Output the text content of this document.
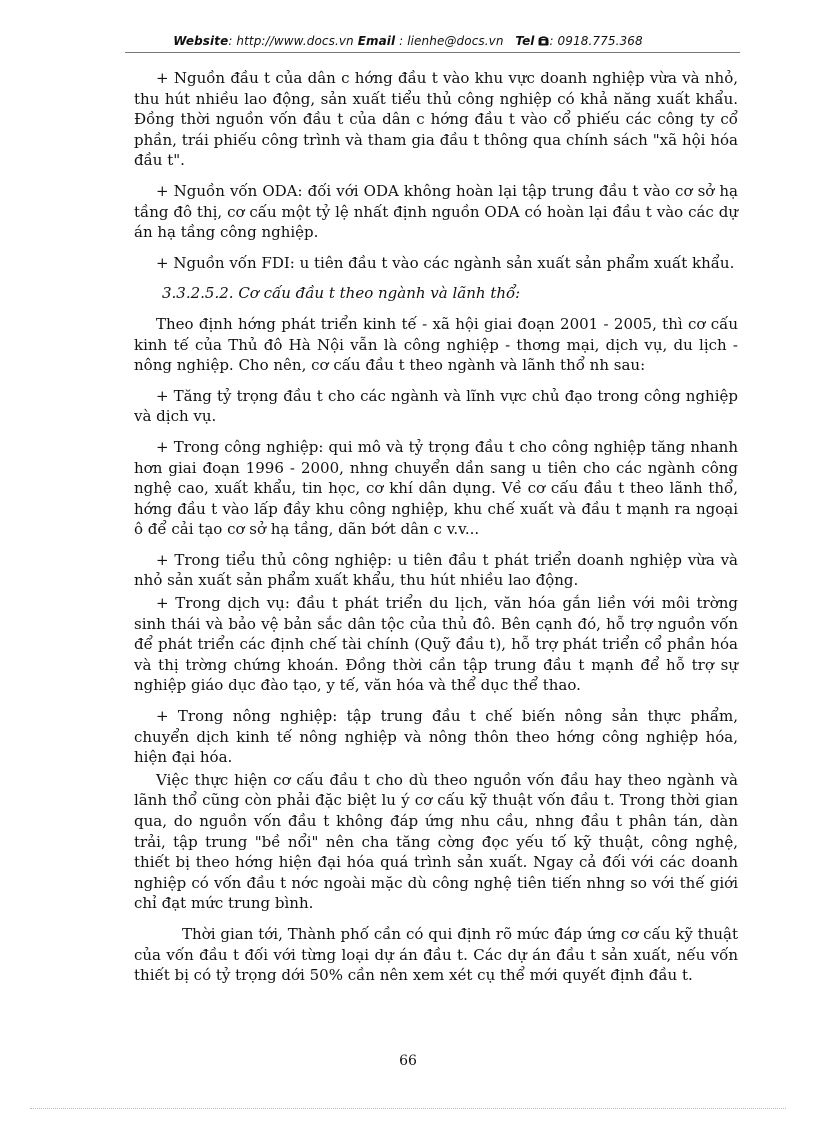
Website: http://www.docs.vn Email : lienhe@docs.vn   Tel : 0918.775.368

+ Nguồn đầu t của dân c hớng đầu t vào khu vực doanh nghiệp vừa và nhỏ, thu hút nhiều lao động, sản xuất tiểu thủ công nghiệp có khả năng xuất khẩu. Đồng thời nguồn vốn đầu t của dân c hớng đầu t vào cổ phiếu các công ty cổ phần, trái phiếu công trình và tham gia đầu t thông qua chính sách "xã hội hóa đầu t".

+ Nguồn vốn ODA: đối với ODA không hoàn lại tập trung đầu t vào cơ sở hạ tầng đô thị, cơ cấu một tỷ lệ nhất định nguồn ODA có hoàn lại đầu t vào các dự án hạ tầng công nghiệp.

+ Nguồn vốn FDI: u tiên đầu t vào các ngành sản xuất sản phẩm xuất khẩu.

3.3.2.5.2. Cơ cấu đầu t theo ngành và lãnh thổ:

Theo định hớng phát triển kinh tế - xã hội giai đoạn 2001 - 2005, thì cơ cấu kinh tế của Thủ đô Hà Nội vẫn là công nghiệp - thơng mại, dịch vụ, du lịch - nông nghiệp. Cho nên, cơ cấu đầu t theo ngành và lãnh thổ nh sau:

+ Tăng tỷ trọng đầu t cho các ngành và lĩnh vực chủ đạo trong công nghiệp và dịch vụ.

+ Trong công nghiệp: qui mô và tỷ trọng đầu t cho công nghiệp tăng nhanh hơn giai đoạn 1996 - 2000, nhng chuyển dần sang u tiên cho các ngành công nghệ cao, xuất khẩu, tin học, cơ khí dân dụng. Về cơ cấu đầu t theo lãnh thổ, hớng đầu t vào lấp đầy khu công nghiệp, khu chế xuất và đầu t mạnh ra ngoại ô để cải tạo cơ sở hạ tầng, dãn bớt dân c v.v...

+ Trong tiểu thủ công nghiệp: u tiên đầu t phát triển doanh nghiệp vừa và nhỏ sản xuất sản phẩm xuất khẩu, thu hút nhiều lao động.

+ Trong dịch vụ: đầu t phát triển du lịch, văn hóa gắn liền với môi trờng sinh thái và bảo vệ bản sắc dân tộc của thủ đô. Bên cạnh đó, hỗ trợ nguồn vốn để phát triển các định chế tài chính (Quỹ đầu t), hỗ trợ phát triển cổ phần hóa và thị trờng chứng khoán. Đồng thời cần tập trung đầu t mạnh để hỗ trợ sự nghiệp giáo dục đào tạo, y tế, văn hóa và thể dục thể thao.

+ Trong nông nghiệp: tập trung đầu t chế biến nông sản thực phẩm, chuyển dịch kinh tế nông nghiệp và nông thôn theo hớng công nghiệp hóa, hiện đại hóa.

Việc thực hiện cơ cấu đầu t cho dù theo nguồn vốn đầu hay theo ngành và lãnh thổ cũng còn phải đặc biệt lu ý cơ cấu kỹ thuật vốn đầu t. Trong thời gian qua, do nguồn vốn đầu t không đáp ứng nhu cầu, nhng đầu t phân tán, dàn trải, tập trung "bề nổi" nên cha tăng cờng đọc yếu tố kỹ thuật, công nghệ, thiết bị theo hớng hiện đại hóa quá trình sản xuất. Ngay cả đối với các doanh nghiệp có vốn đầu t nớc ngoài mặc dù công nghệ tiên tiến nhng so với thế giới chỉ đạt mức trung bình.

Thời gian tới, Thành phố cần có qui định rõ mức đáp ứng cơ cấu kỹ thuật của vốn đầu t đối với từng loại dự án đầu t. Các dự án đầu t sản xuất, nếu vốn thiết bị có tỷ trọng dới 50% cần nên xem xét cụ thể mới quyết định đầu t.

66
